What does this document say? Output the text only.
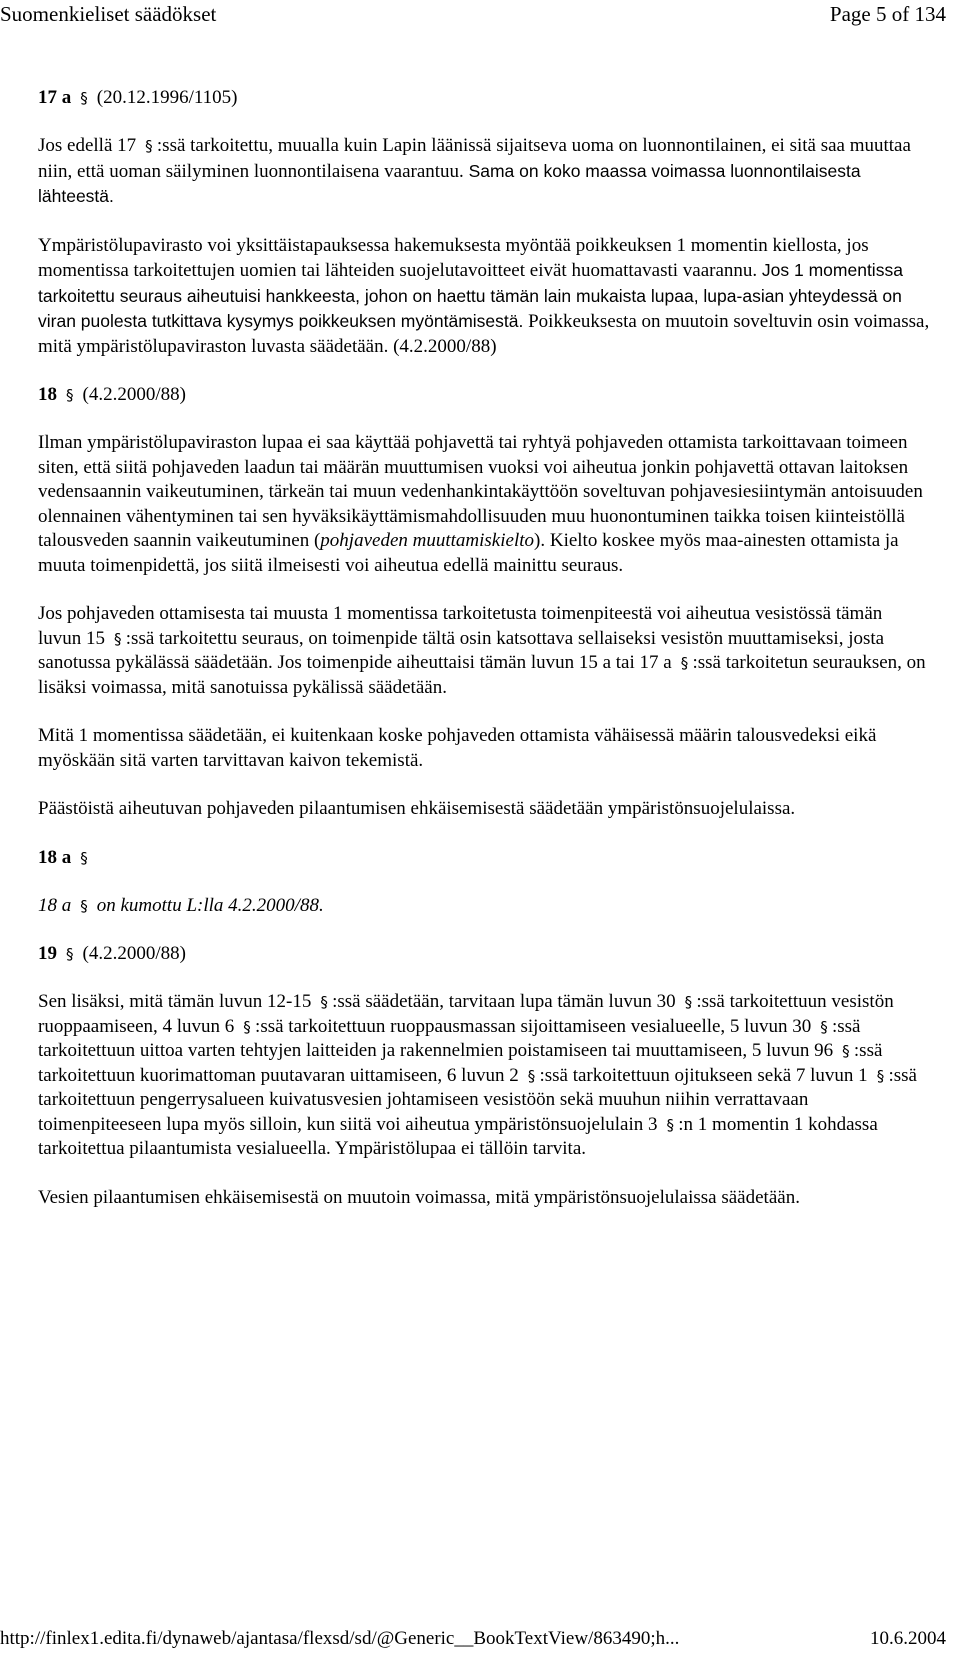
Suomenkieliset säädökset	Page 5 of 134
17 a § (20.12.1996/1105)

Jos edellä 17 § :ssä tarkoitettu, muualla kuin Lapin läänissä sijaitseva uoma on luonnontilainen, ei sitä saa muuttaa niin, että uoman säilyminen luonnontilaisena vaarantuu. Sama on koko maassa voimassa luonnontilaisesta lähteestä.

Ympäristölupavirasto voi yksittäistapauksessa hakemuksesta myöntää poikkeuksen 1 momentin kiellosta, jos momentissa tarkoitettujen uomien tai lähteiden suojelutavoitteet eivät huomattavasti vaarannu. Jos 1 momentissa tarkoitettu seuraus aiheutuisi hankkeesta, johon on haettu tämän lain mukaista lupaa, lupa-asian yhteydessä on viran puolesta tutkittava kysymys poikkeuksen myöntämisestä. Poikkeuksesta on muutoin soveltuvin osin voimassa, mitä ympäristölupaviraston luvasta säädetään. (4.2.2000/88)

18 § (4.2.2000/88)

Ilman ympäristölupaviraston lupaa ei saa käyttää pohjavettä tai ryhtyä pohjaveden ottamista tarkoittavaan toimeen siten, että siitä pohjaveden laadun tai määrän muuttumisen vuoksi voi aiheutua jonkin pohjavettä ottavan laitoksen vedensaannin vaikeutuminen, tärkeän tai muun vedenhankintakäyttöön soveltuvan pohjavesiesiintymän antoisuuden olennainen vähentyminen tai sen hyväksikäyttämismahdollisuuden muu huonontuminen taikka toisen kiinteistöllä talousveden saannin vaikeutuminen (pohjaveden muuttamiskielto). Kielto koskee myös maa-ainesten ottamista ja muuta toimenpidettä, jos siitä ilmeisesti voi aiheutua edellä mainittu seuraus.

Jos pohjaveden ottamisesta tai muusta 1 momentissa tarkoitetusta toimenpiteestä voi aiheutua vesistössä tämän luvun 15 § :ssä tarkoitettu seuraus, on toimenpide tältä osin katsottava sellaiseksi vesistön muuttamiseksi, josta sanotussa pykälässä säädetään. Jos toimenpide aiheuttaisi tämän luvun 15 a tai 17 a § :ssä tarkoitetun seurauksen, on lisäksi voimassa, mitä sanotuissa pykälissä säädetään.

Mitä 1 momentissa säädetään, ei kuitenkaan koske pohjaveden ottamista vähäisessä määrin talousvedeksi eikä myöskään sitä varten tarvittavan kaivon tekemistä.

Päästöistä aiheutuvan pohjaveden pilaantumisen ehkäisemisestä säädetään ympäristönsuojelulaissa.

18 a §

18 a § on kumottu L:lla 4.2.2000/88.

19 § (4.2.2000/88)

Sen lisäksi, mitä tämän luvun 12-15 § :ssä säädetään, tarvitaan lupa tämän luvun 30 § :ssä tarkoitettuun vesistön ruoppaamiseen, 4 luvun 6 § :ssä tarkoitettuun ruoppausmassan sijoittamiseen vesialueelle, 5 luvun 30 § :ssä tarkoitettuun uittoa varten tehtyjen laitteiden ja rakennelmien poistamiseen tai muuttamiseen, 5 luvun 96 § :ssä tarkoitettuun kuorimattoman puutavaran uittamiseen, 6 luvun 2 § :ssä tarkoitettuun ojitukseen sekä 7 luvun 1 § :ssä tarkoitettuun pengerrysalueen kuivatusvesien johtamiseen vesistöön sekä muuhun niihin verrattavaan toimenpiteeseen lupa myös silloin, kun siitä voi aiheutua ympäristönsuojelulain 3 § :n 1 momentin 1 kohdassa tarkoitettua pilaantumista vesialueella. Ympäristölupaa ei tällöin tarvita.

Vesien pilaantumisen ehkäisemisestä on muutoin voimassa, mitä ympäristönsuojelulaissa säädetään.

http://finlex1.edita.fi/dynaweb/ajantasa/flexsd/sd/@Generic__BookTextView/863490;h...	10.6.2004
